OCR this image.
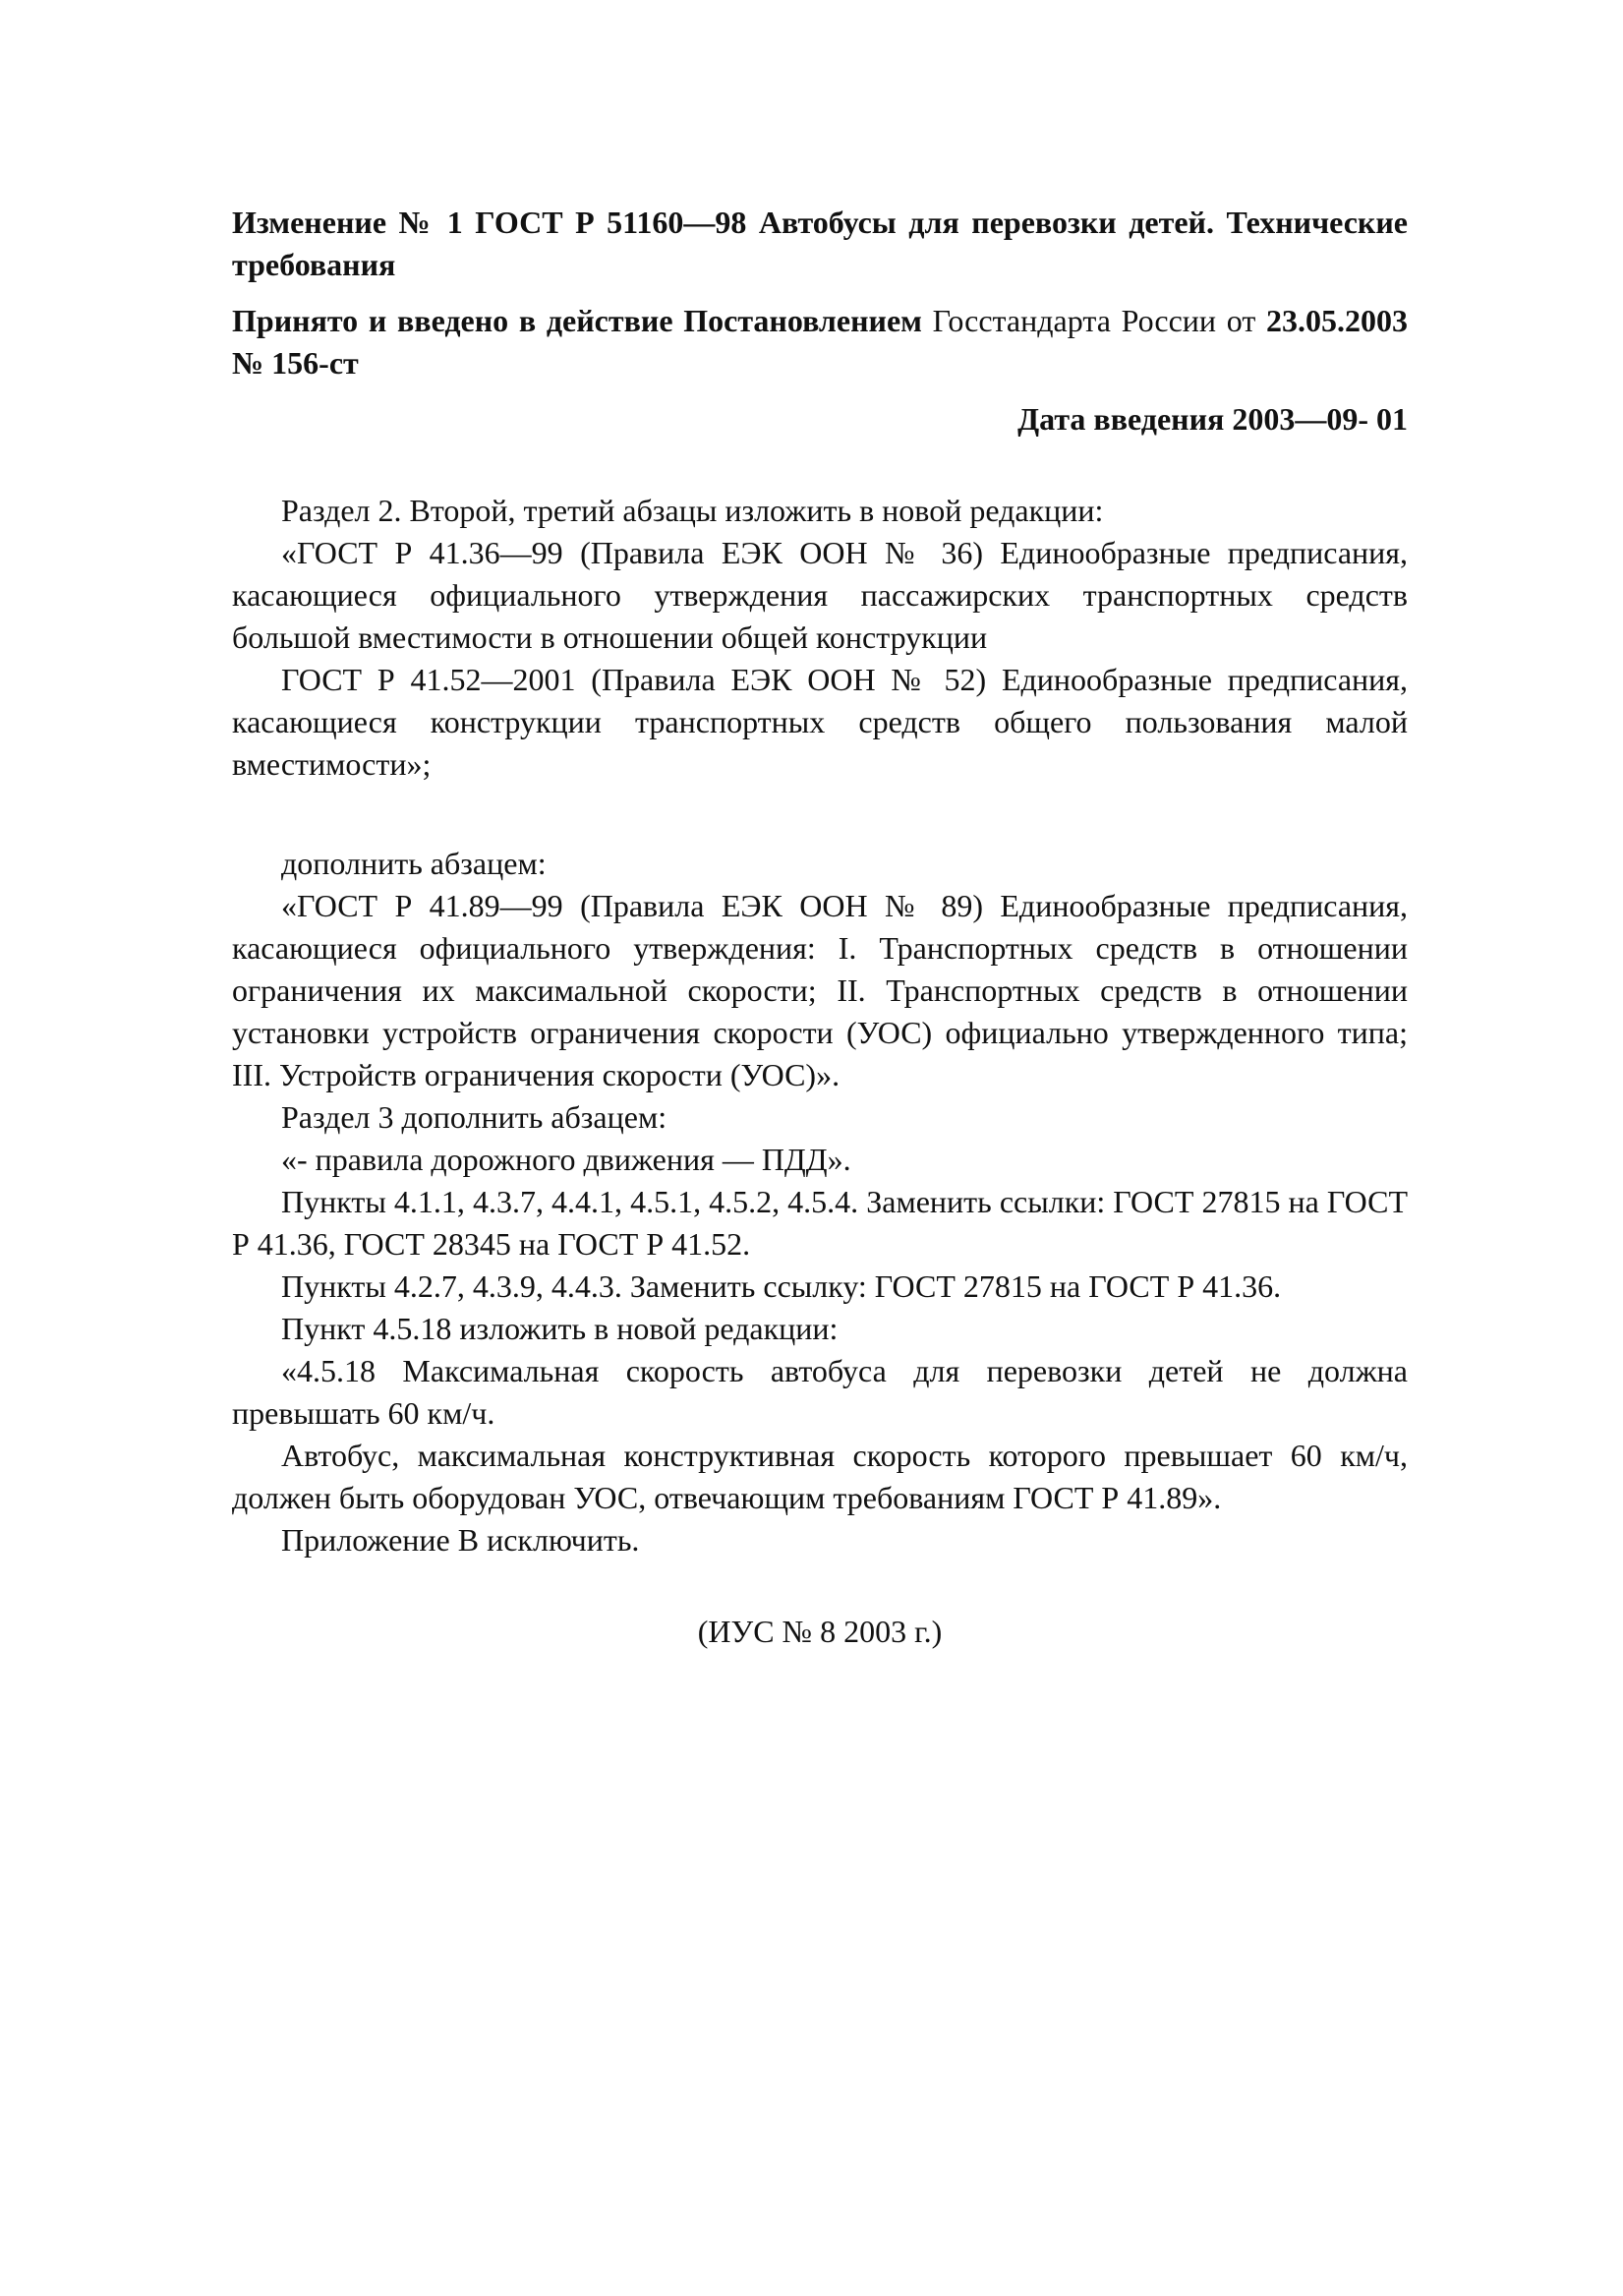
Изменение № 1 ГОСТ Р 51160—98 Автобусы для перевозки детей. Технические требования

Принято и введено в действие Постановлением Госстандарта России от 23.05.2003 № 156-ст

Дата введения 2003—09- 01

Раздел 2. Второй, третий абзацы изложить в новой редакции:

«ГОСТ Р 41.36—99 (Правила ЕЭК ООН № 36) Единообразные предписания, касающиеся официального утверждения пассажирских транспортных средств большой вместимости в отношении общей конструкции

ГОСТ Р 41.52—2001 (Правила ЕЭК ООН № 52) Единообразные предписания, касающиеся конструкции транспортных средств общего пользования малой вместимости»;

дополнить абзацем:

«ГОСТ Р 41.89—99 (Правила ЕЭК ООН № 89) Единообразные предписания, касающиеся официального утверждения: I. Транспортных средств в отношении ограничения их максимальной скорости; II. Транспортных средств в отношении установки устройств ограничения скорости (УОС) официально утвержденного типа; III. Устройств ограничения скорости (УОС)».

Раздел 3 дополнить абзацем:

«- правила дорожного движения — ПДД».

Пункты 4.1.1, 4.3.7, 4.4.1, 4.5.1, 4.5.2, 4.5.4. Заменить ссылки: ГОСТ 27815 на ГОСТ Р 41.36, ГОСТ 28345 на ГОСТ Р 41.52.

Пункты 4.2.7, 4.3.9, 4.4.3. Заменить ссылку: ГОСТ 27815 на ГОСТ Р 41.36.

Пункт 4.5.18 изложить в новой редакции:

«4.5.18 Максимальная скорость автобуса для перевозки детей не должна превышать 60 км/ч.

Автобус, максимальная конструктивная скорость которого превышает 60 км/ч, должен быть оборудован УОС, отвечающим требованиям ГОСТ Р 41.89».

Приложение В исключить.

(ИУС № 8 2003 г.)
